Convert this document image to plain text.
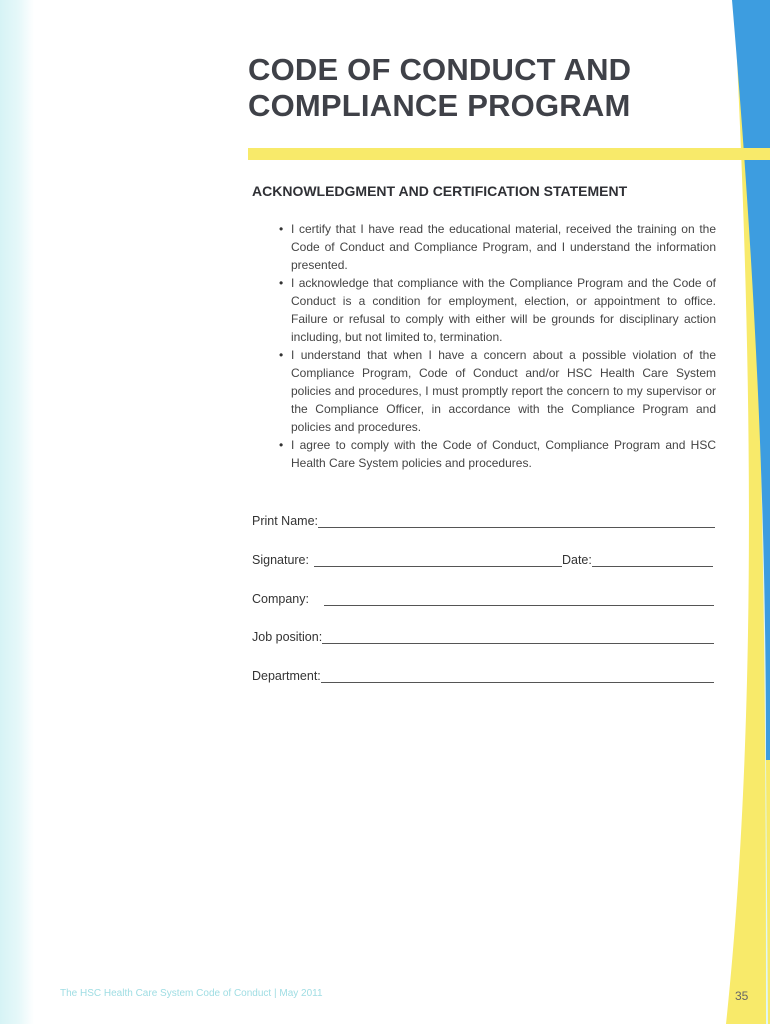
CODE OF CONDUCT AND
COMPLIANCE PROGRAM
ACKNOWLEDGMENT AND CERTIFICATION STATEMENT
• I certify that I have read the educational material, received the training on the Code of Conduct and Compliance Program, and I understand the information presented.
• I acknowledge that compliance with the Compliance Program and the Code of Conduct is a condition for employment, election, or appointment to office. Failure or refusal to comply with either will be grounds for disciplinary action including, but not limited to, termination.
• I understand that when I have a concern about a possible violation of the Compliance Program, Code of Conduct and/or HSC Health Care System policies and procedures, I must promptly report the concern to my supervisor or the Compliance Officer, in accordance with the Compliance Program and policies and procedures.
• I agree to comply with the Code of Conduct, Compliance Program and HSC Health Care System policies and procedures.
Print Name:
Signature:	Date:
Company:
Job position:
Department:
The HSC Health Care System Code of Conduct | May 2011	35
